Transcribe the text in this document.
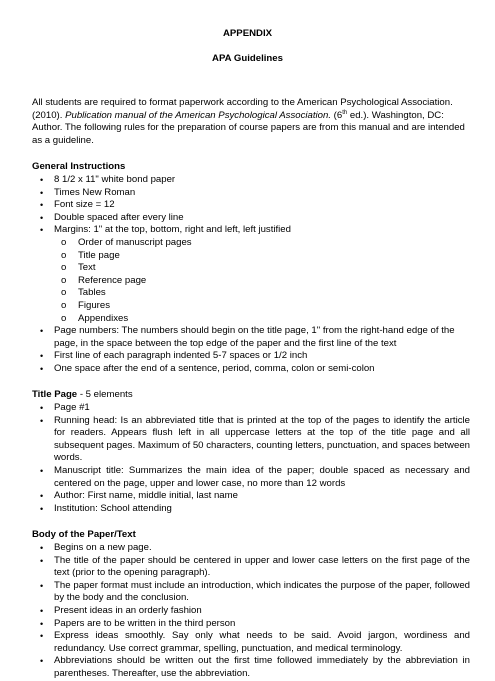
APPENDIX
APA Guidelines

All students are required to format paperwork according to the American Psychological Association. (2010). Publication manual of the American Psychological Association. (6th ed.). Washington, DC: Author. The following rules for the preparation of course papers are from this manual and are intended as a guideline.

General Instructions
• 8 1/2 x 11" white bond paper
• Times New Roman
• Font size = 12
• Double spaced after every line
• Margins: 1" at the top, bottom, right and left, left justified
o Order of manuscript pages
o Title page
o Text
o Reference page
o Tables
o Figures
o Appendixes
• Page numbers: The numbers should begin on the title page, 1" from the right-hand edge of the page, in the space between the top edge of the paper and the first line of the text
• First line of each paragraph indented 5-7 spaces or 1/2 inch
• One space after the end of a sentence, period, comma, colon or semi-colon
Title Page - 5 elements
• Page #1
• Running head: Is an abbreviated title that is printed at the top of the pages to identify the article for readers. Appears flush left in all uppercase letters at the top of the title page and all subsequent pages. Maximum of 50 characters, counting letters, punctuation, and spaces between words.
• Manuscript title: Summarizes the main idea of the paper; double spaced as necessary and centered on the page, upper and lower case, no more than 12 words
• Author: First name, middle initial, last name
• Institution: School attending
Body of the Paper/Text
• Begins on a new page.
• The title of the paper should be centered in upper and lower case letters on the first page of the text (prior to the opening paragraph).
• The paper format must include an introduction, which indicates the purpose of the paper, followed by the body and the conclusion.
• Present ideas in an orderly fashion
• Papers are to be written in the third person
• Express ideas smoothly. Say only what needs to be said. Avoid jargon, wordiness and redundancy. Use correct grammar, spelling, punctuation, and medical terminology.
• Abbreviations should be written out the first time followed immediately by the abbreviation in parentheses. Thereafter, use the abbreviation.
